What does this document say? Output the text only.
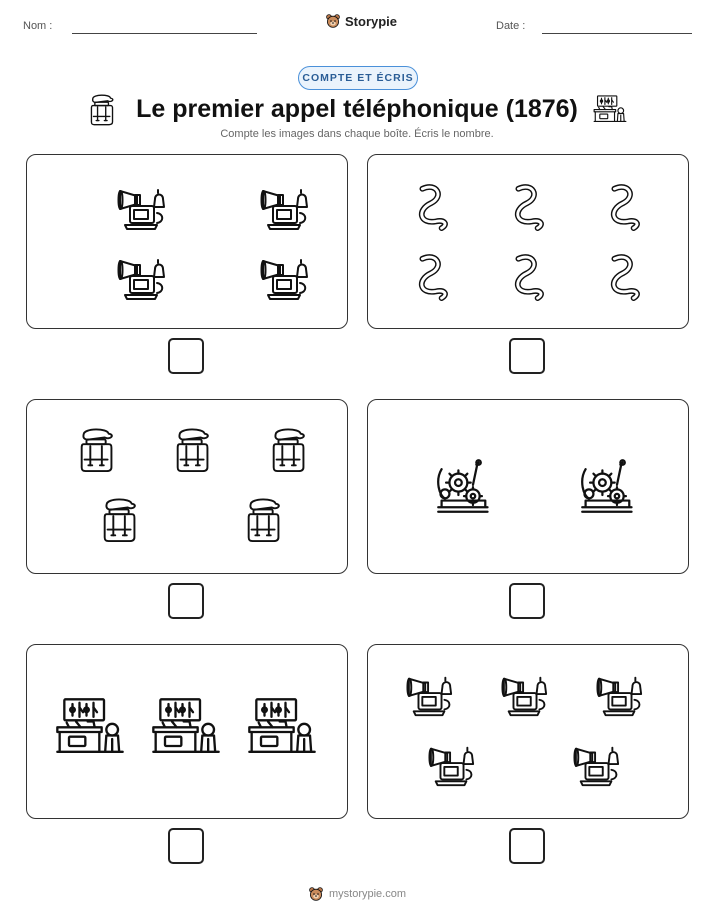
Nom :	Storypie	Date :
COMPTE ET ÉCRIS
Le premier appel téléphonique (1876)
Compte les images dans chaque boîte. Écris le nombre.
mystorypie.com
